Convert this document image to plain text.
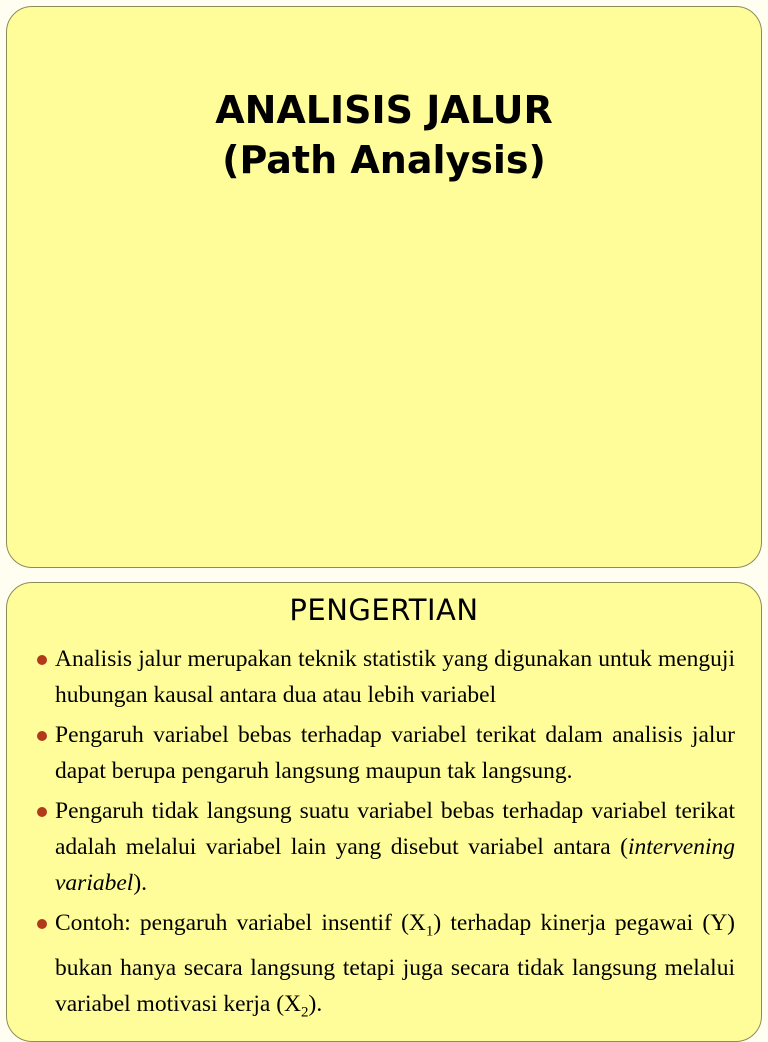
ANALISIS JALUR
(Path Analysis)
PENGERTIAN
Analisis jalur merupakan teknik statistik yang digunakan untuk menguji hubungan kausal antara dua atau lebih variabel
Pengaruh variabel bebas terhadap variabel terikat dalam analisis jalur dapat berupa pengaruh langsung maupun tak langsung.
Pengaruh tidak langsung suatu variabel bebas terhadap variabel terikat adalah melalui variabel lain yang disebut variabel antara (intervening variabel).
Contoh: pengaruh variabel insentif $(X_1)$ terhadap kinerja pegawai (Y) bukan hanya secara langsung tetapi juga secara tidak langsung melalui variabel motivasi kerja $(X_2)$.
